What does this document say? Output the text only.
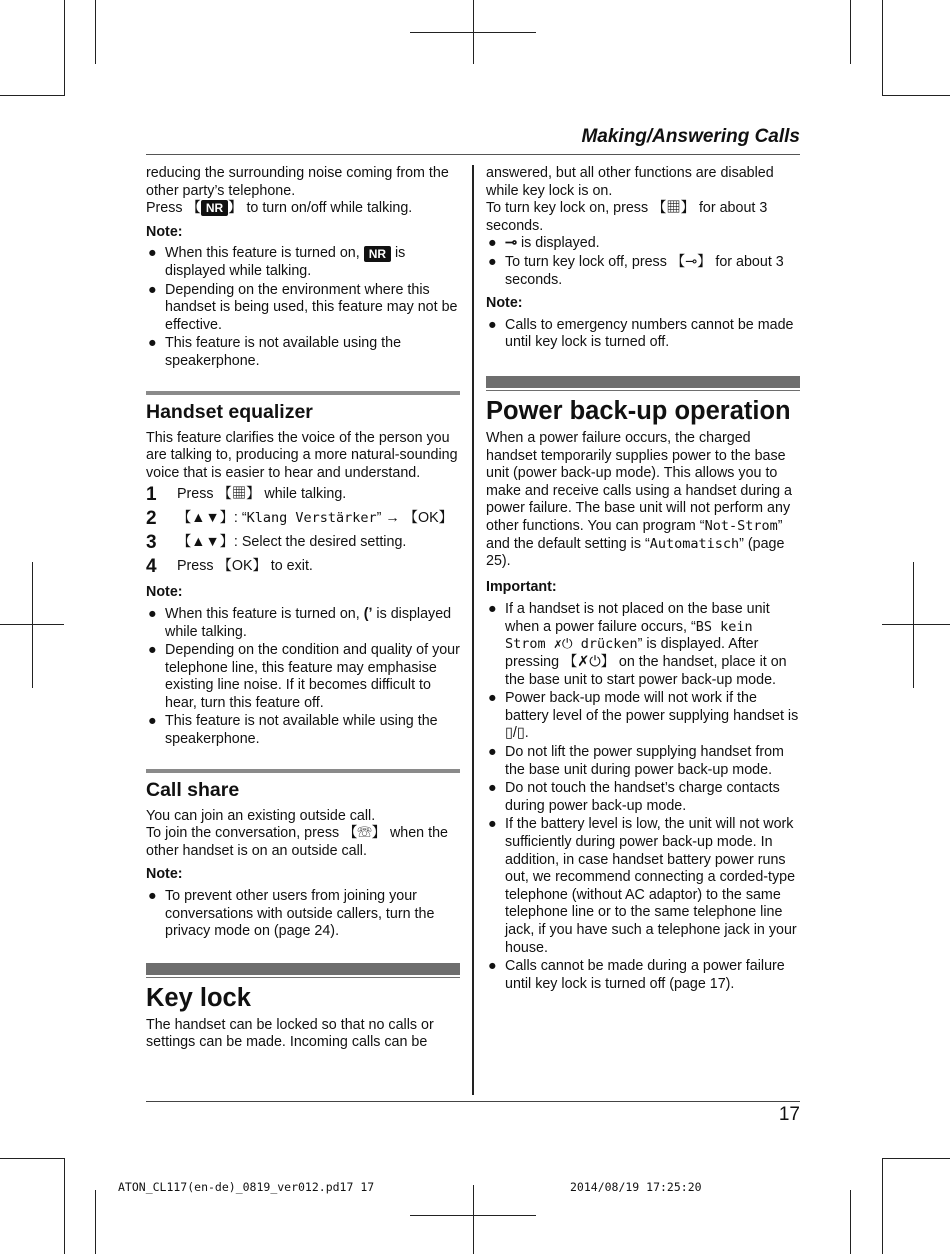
Making/Answering Calls

reducing the surrounding noise coming from the other party’s telephone.

Press 【 NR 】 to turn on/off while talking.

Note:

● When this feature is turned on, NR is displayed while talking.
● Depending on the environment where this handset is being used, this feature may not be effective.
● This feature is not available using the speakerphone.
Handset equalizer

This feature clarifies the voice of the person you are talking to, producing a more natural-sounding voice that is easier to hear and understand.

1	Press 【▦】 while talking.
2	【▲▼】: “Klang Verstärker” → 【OK】
3	【▲▼】: Select the desired setting.
4	Press 【OK】 to exit.

Note:

● When this feature is turned on, (ʼ is displayed while talking.
● Depending on the condition and quality of your telephone line, this feature may emphasise existing line noise. If it becomes difficult to hear, turn this feature off.
● This feature is not available while using the speakerphone.
Call share

You can join an existing outside call.

To join the conversation, press 【☏】 when the other handset is on an outside call.

Note:

● To prevent other users from joining your conversations with outside callers, turn the privacy mode on (page 24).
Key lock

The handset can be locked so that no calls or settings can be made. Incoming calls can be

answered, but all other functions are disabled while key lock is on.

To turn key lock on, press 【▦】 for about 3 seconds.

● ⊸ is displayed.
● To turn key lock off, press 【⊸】 for about 3 seconds.

Note:

● Calls to emergency numbers cannot be made until key lock is turned off.
Power back-up operation

When a power failure occurs, the charged handset temporarily supplies power to the base unit (power back-up mode). This allows you to make and receive calls using a handset during a power failure. The base unit will not perform any other functions. You can program “Not-Strom” and the default setting is “Automatisch” (page 25).

Important:

● If a handset is not placed on the base unit when a power failure occurs, “BS kein Strom ✗⏻ drücken” is displayed. After pressing 【✗⏻】 on the handset, place it on the base unit to start power back-up mode.
● Power back-up mode will not work if the battery level of the power supplying handset is ▯/▯.
● Do not lift the power supplying handset from the base unit during power back-up mode.
● Do not touch the handset’s charge contacts during power back-up mode.
● If the battery level is low, the unit will not work sufficiently during power back-up mode. In addition, in case handset battery power runs out, we recommend connecting a corded-type telephone (without AC adaptor) to the same telephone line or to the same telephone line jack, if you have such a telephone jack in your house.
● Calls cannot be made during a power failure until key lock is turned off (page 17).
17
ATON_CL117(en-de)_0819_ver012.pd17 17	2014/08/19 17:25:20
